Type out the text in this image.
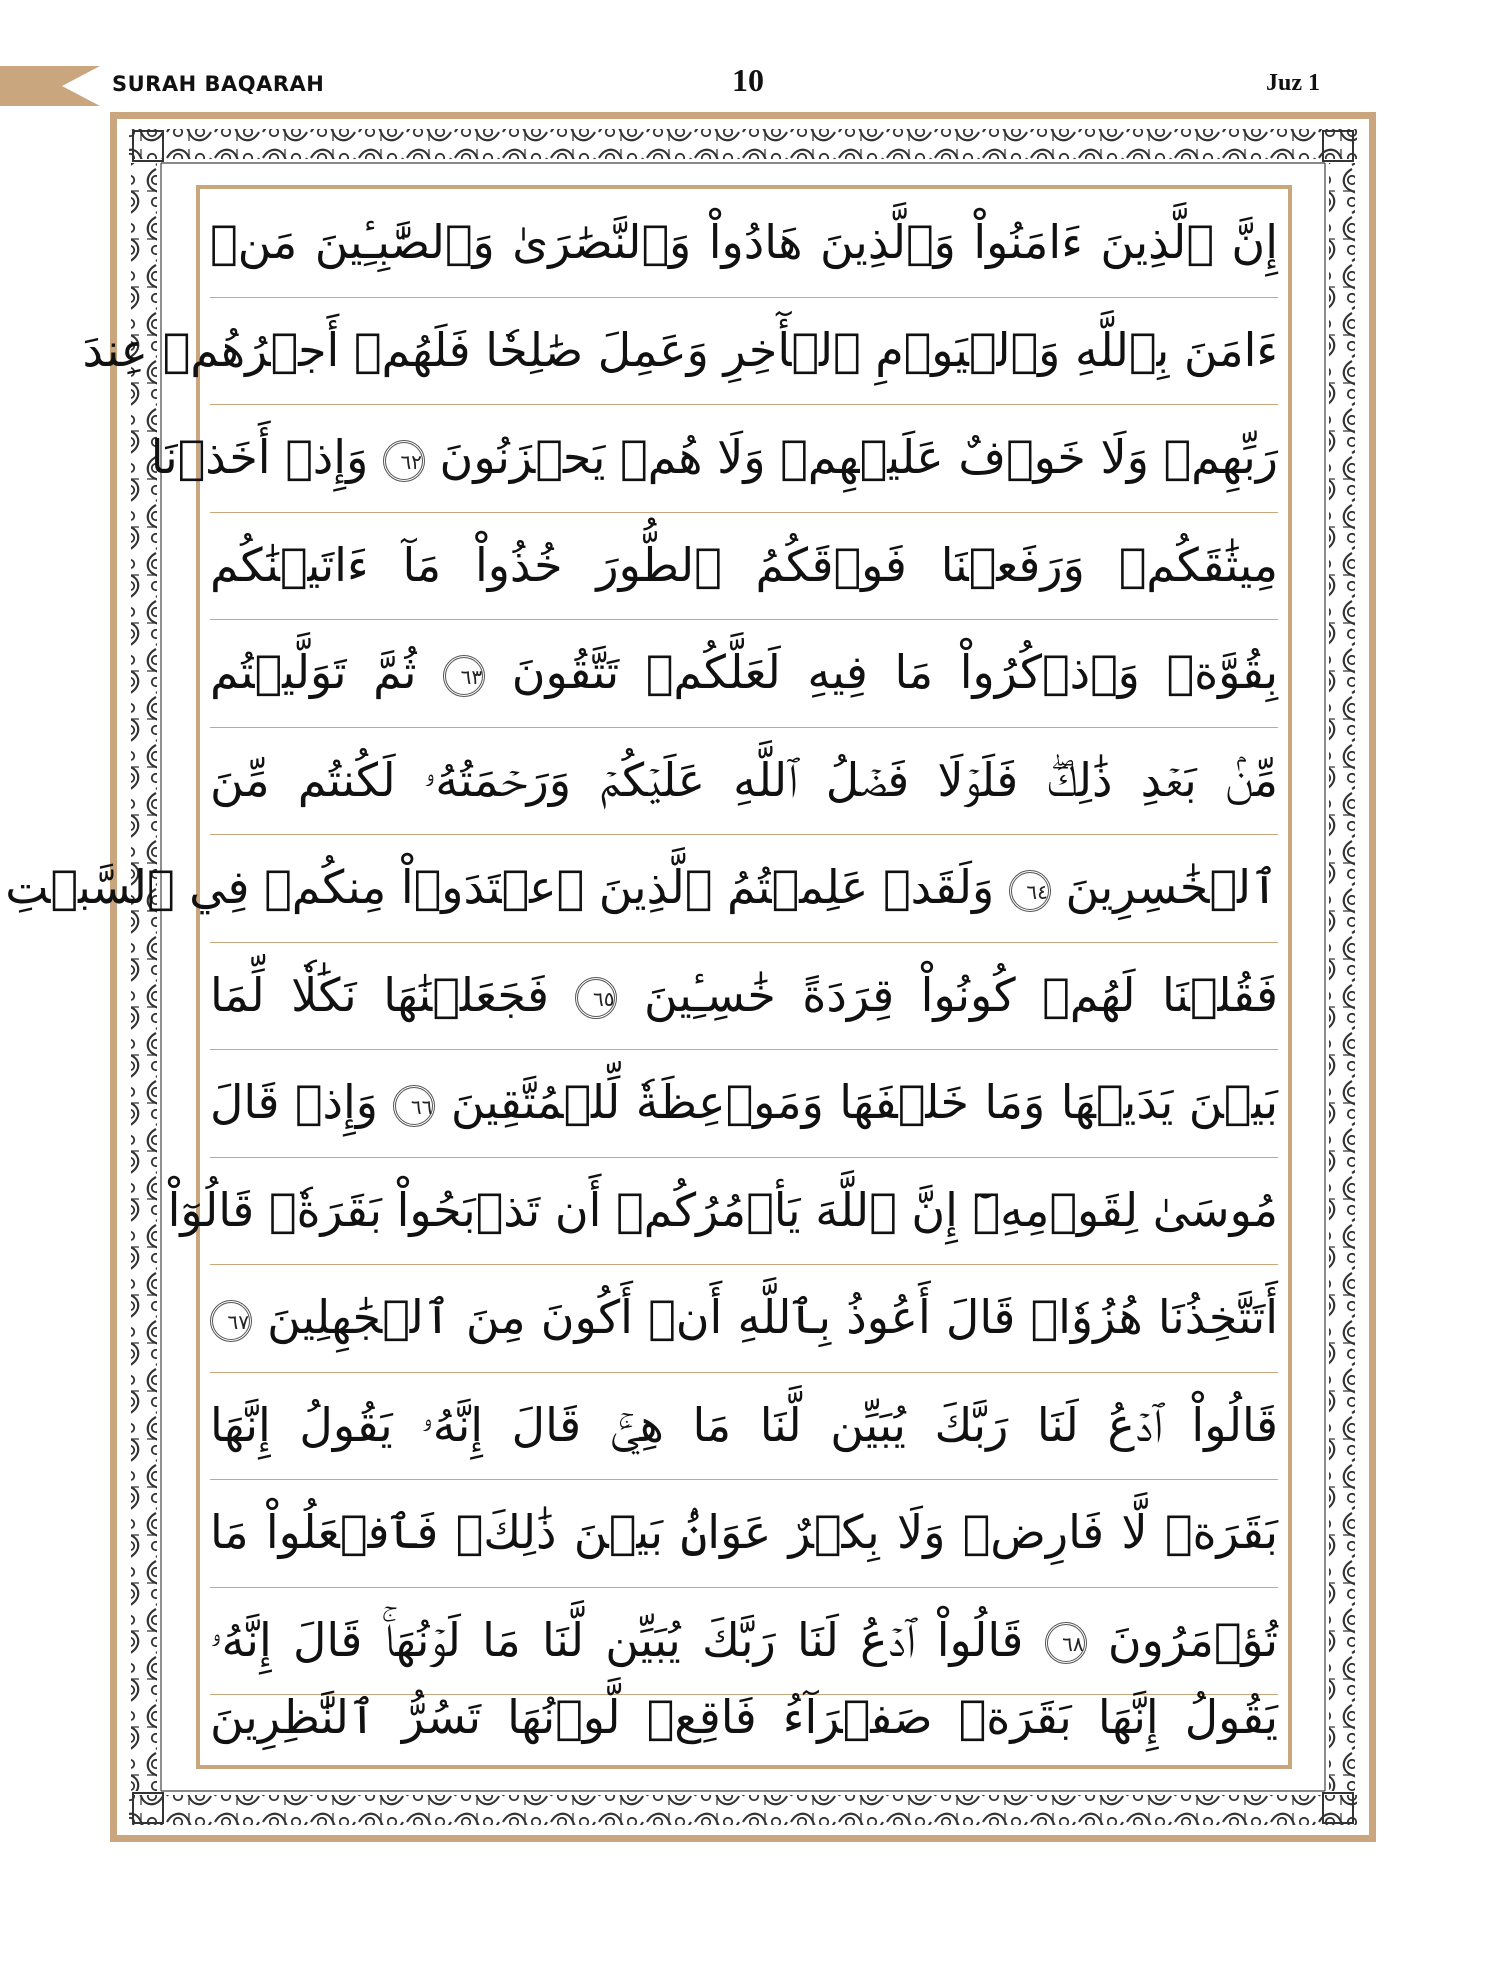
SURAH BAQARAH	10	Juz 1
إِنَّ ٱلَّذِينَ ءَامَنُواْ وَٱلَّذِينَ هَادُواْ وَٱلنَّصَٰرَىٰ وَٱلصَّٰبِـِٔينَ مَنۡ
ءَامَنَ بِٱللَّهِ وَٱلۡيَوۡمِ ٱلۡأٓخِرِ وَعَمِلَ صَٰلِحٗا فَلَهُمۡ أَجۡرُهُمۡ عِندَ
رَبِّهِمۡ وَلَا خَوۡفٌ عَلَيۡهِمۡ وَلَا هُمۡ يَحۡزَنُونَ ٦٢ وَإِذۡ أَخَذۡنَا
مِيثَٰقَكُمۡ وَرَفَعۡنَا فَوۡقَكُمُ ٱلطُّورَ خُذُواْ مَآ ءَاتَيۡنَٰكُم
بِقُوَّةٖ وَٱذۡكُرُواْ مَا فِيهِ لَعَلَّكُمۡ تَتَّقُونَ ٦٣ ثُمَّ تَوَلَّيۡتُم
مِّنۢ بَعۡدِ ذَٰلِكَۖ فَلَوۡلَا فَضۡلُ ٱللَّهِ عَلَيۡكُمۡ وَرَحۡمَتُهُۥ لَكُنتُم مِّنَ
ٱلۡخَٰسِرِينَ ٦٤ وَلَقَدۡ عَلِمۡتُمُ ٱلَّذِينَ ٱعۡتَدَوۡاْ مِنكُمۡ فِي ٱلسَّبۡتِ
فَقُلۡنَا لَهُمۡ كُونُواْ قِرَدَةً خَٰسِـِٔينَ ٦٥ فَجَعَلۡنَٰهَا نَكَٰلٗا لِّمَا
بَيۡنَ يَدَيۡهَا وَمَا خَلۡفَهَا وَمَوۡعِظَةٗ لِّلۡمُتَّقِينَ ٦٦ وَإِذۡ قَالَ
مُوسَىٰ لِقَوۡمِهِۦٓ إِنَّ ٱللَّهَ يَأۡمُرُكُمۡ أَن تَذۡبَحُواْ بَقَرَةٗۖ قَالُوٓاْ
أَتَتَّخِذُنَا هُزُوٗاۖ قَالَ أَعُوذُ بِٱللَّهِ أَنۡ أَكُونَ مِنَ ٱلۡجَٰهِلِينَ ٦٧
قَالُواْ ٱدۡعُ لَنَا رَبَّكَ يُبَيِّن لَّنَا مَا هِيَۚ قَالَ إِنَّهُۥ يَقُولُ إِنَّهَا
بَقَرَةٞ لَّا فَارِضٞ وَلَا بِكۡرٌ عَوَانُۢ بَيۡنَ ذَٰلِكَۖ فَٱفۡعَلُواْ مَا
تُؤۡمَرُونَ ٦٨ قَالُواْ ٱدۡعُ لَنَا رَبَّكَ يُبَيِّن لَّنَا مَا لَوۡنُهَاۚ قَالَ إِنَّهُۥ
يَقُولُ إِنَّهَا بَقَرَةٞ صَفۡرَآءُ فَاقِعٞ لَّوۡنُهَا تَسُرُّ ٱلنَّٰظِرِينَ
